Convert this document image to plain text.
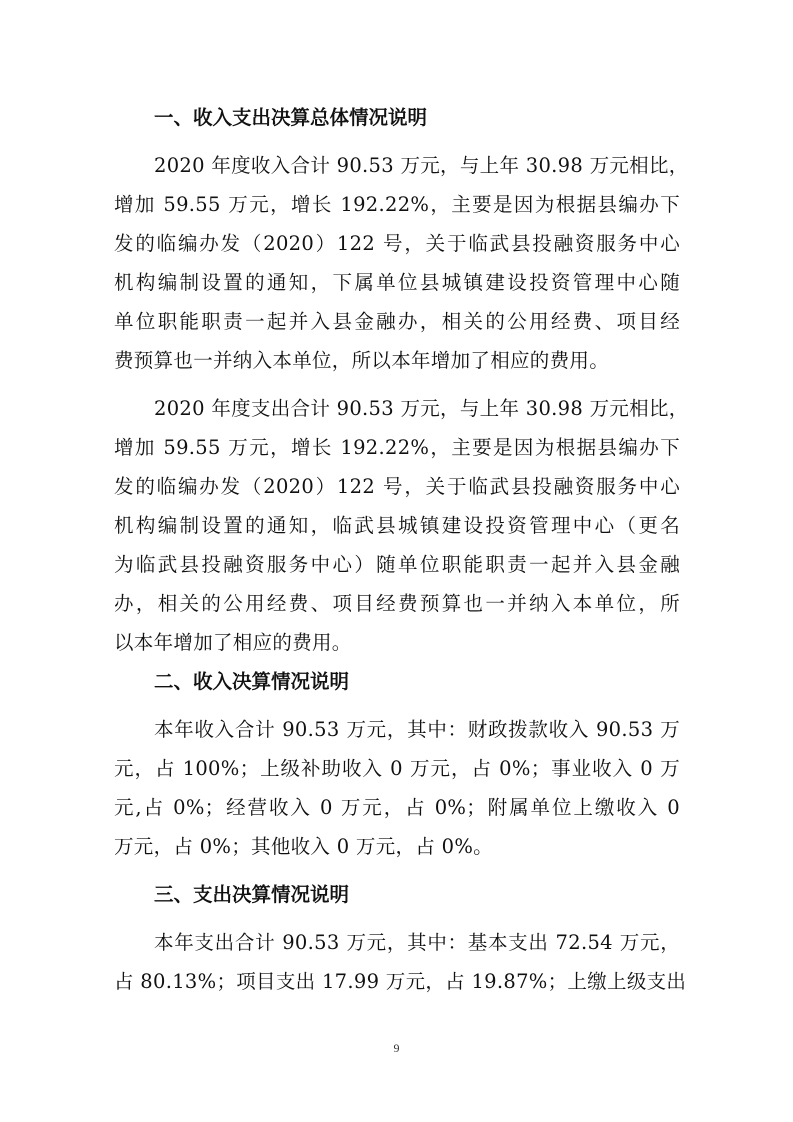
一、收入支出决算总体情况说明

2020 年度收入合计 90.53 万元，与上年 30.98 万元相比，
增加 59.55 万元，增长 192.22%，主要是因为根据县编办下
发的临编办发（2020）122 号，关于临武县投融资服务中心
机构编制设置的通知，下属单位县城镇建设投资管理中心随
单位职能职责一起并入县金融办，相关的公用经费、项目经
费预算也一并纳入本单位，所以本年增加了相应的费用。

2020 年度支出合计 90.53 万元，与上年 30.98 万元相比，
增加 59.55 万元，增长 192.22%，主要是因为根据县编办下
发的临编办发（2020）122 号，关于临武县投融资服务中心
机构编制设置的通知，临武县城镇建设投资管理中心（更名
为临武县投融资服务中心）随单位职能职责一起并入县金融
办，相关的公用经费、项目经费预算也一并纳入本单位，所
以本年增加了相应的费用。

二、收入决算情况说明

本年收入合计 90.53 万元，其中：财政拨款收入 90.53 万
元，占 100%；上级补助收入 0 万元，占 0%；事业收入 0 万
元,占 0%；经营收入 0 万元，占 0%；附属单位上缴收入 0
万元，占 0%；其他收入 0 万元，占 0%。

三、支出决算情况说明

本年支出合计 90.53 万元，其中：基本支出 72.54 万元，
占 80.13%；项目支出 17.99 万元，占 19.87%；上缴上级支出

9
